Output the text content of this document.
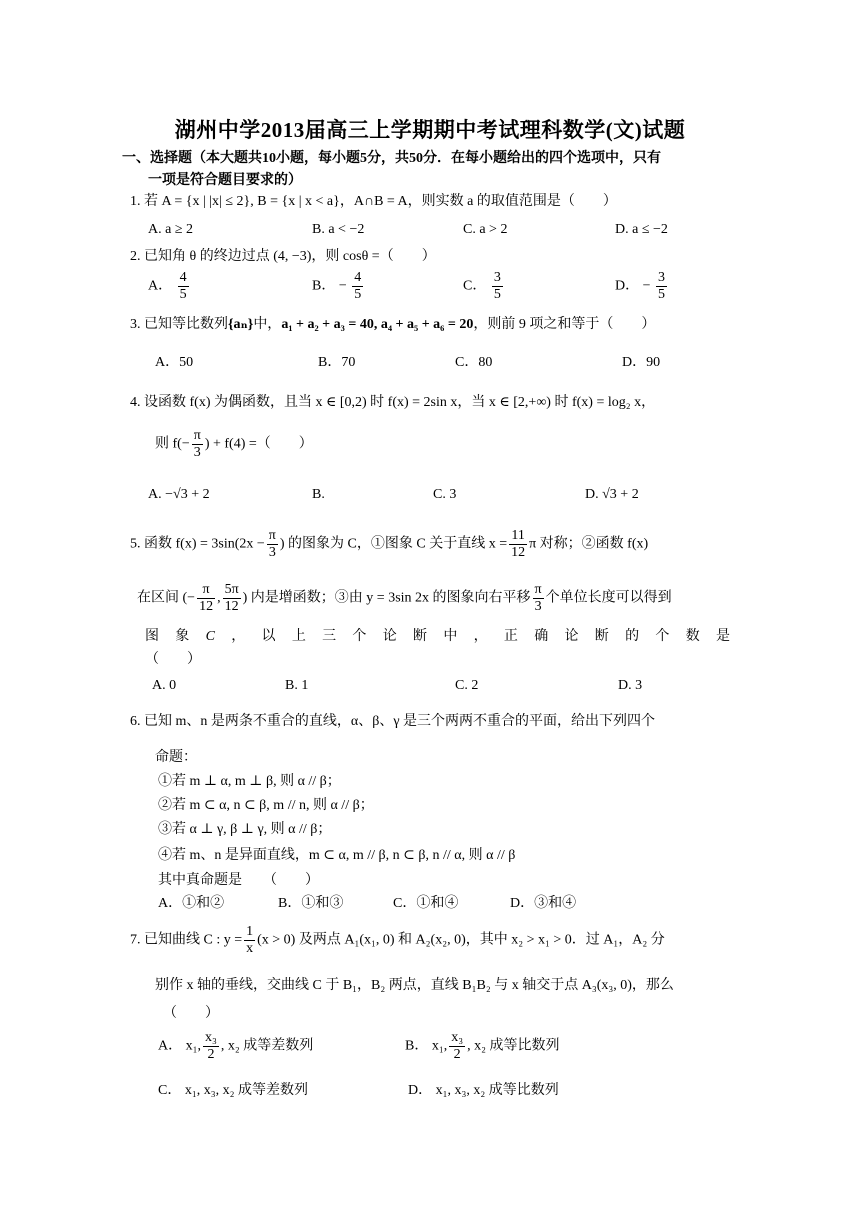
湖州中学2013届高三上学期期中考试理科数学(文)试题
一、选择题（本大题共10小题，每小题5分，共50分．在每小题给出的四个选项中，只有
一项是符合题目要求的）
1. 若 A = {x | |x| ≤ 2}, B = {x | x < a}，A∩B = A，则实数 a 的取值范围是（　　）
A. a ≥ 2	B. a < −2	C. a > 2	D. a ≤ −2
2. 已知角 θ 的终边过点 (4, −3)，则 cosθ =（　　）
A． $\frac{4}{5}$	B． − $\frac{4}{5}$	C． $\frac{3}{5}$	D． − $\frac{3}{5}$
3. 已知等比数列{aₙ}中，a₁ + a₂ + a₃ = 40, a₄ + a₅ + a₆ = 20，则前 9 项之和等于（　　）
A．50	B．70	C．80	D．90
4. 设函数 f(x) 为偶函数，且当 x ∈ [0,2) 时 f(x) = 2sin x，当 x ∈ [2,+∞) 时 f(x) = log₂ x，
则 $f(- \frac{\pi}{3}$ ) + f(4) =（　　）
A. −√3 + 2	B.	C. 3	D. √3 + 2
5. 函数 $f(x) = 3\sin(2x - \frac{\pi}{3}$ ) 的图象为 C，①图象 C 关于直线 $x = \frac{11}{12}$ π 对称；②函数 f(x)
在区间 (− $\frac{\pi}{12}$ , $\frac{5\pi}{12}$ ) 内是增函数；③由 y = 3sin 2x 的图象向右平移 $\frac{\pi}{3}$ 个单位长度可以得到
图 象 C ， 以 上 三 个 论 断 中 ， 正 确 论 断 的 个 数 是
（　　）
A. 0	B. 1	C. 2	D. 3
6. 已知 m、n 是两条不重合的直线，α、β、γ 是三个两两不重合的平面，给出下列四个
命题：
①若 m ⊥ α, m ⊥ β, 则 α // β；
②若 m ⊂ α, n ⊂ β, m // n, 则 α // β；
③若 α ⊥ γ, β ⊥ γ, 则 α // β；
④若 m、n 是异面直线，m ⊂ α, m // β, n ⊂ β, n // α, 则 α // β
其中真命题是　　（　　）
A．①和②	B．①和③	C．①和④	D．③和④
7. 已知曲线 C : $y = \frac{1}{x} (x > 0)$ 及两点 A₁(x₁, 0) 和 A₂(x₂, 0)，其中 x₂ > x₁ > 0．过 A₁，A₂ 分
别作 x 轴的垂线，交曲线 C 于 B₁，B₂ 两点，直线 B₁B₂ 与 x 轴交于点 A₃(x₃, 0)，那么
（　　）
A． x₁, $\frac{\text{x₃}}{2}$ , x₂ 成等差数列	B． x₁, $\frac{\text{x₃}}{2}$ , x₂ 成等比数列
C． x₁, x₃, x₂ 成等差数列	D． x₁, x₃, x₂ 成等比数列
